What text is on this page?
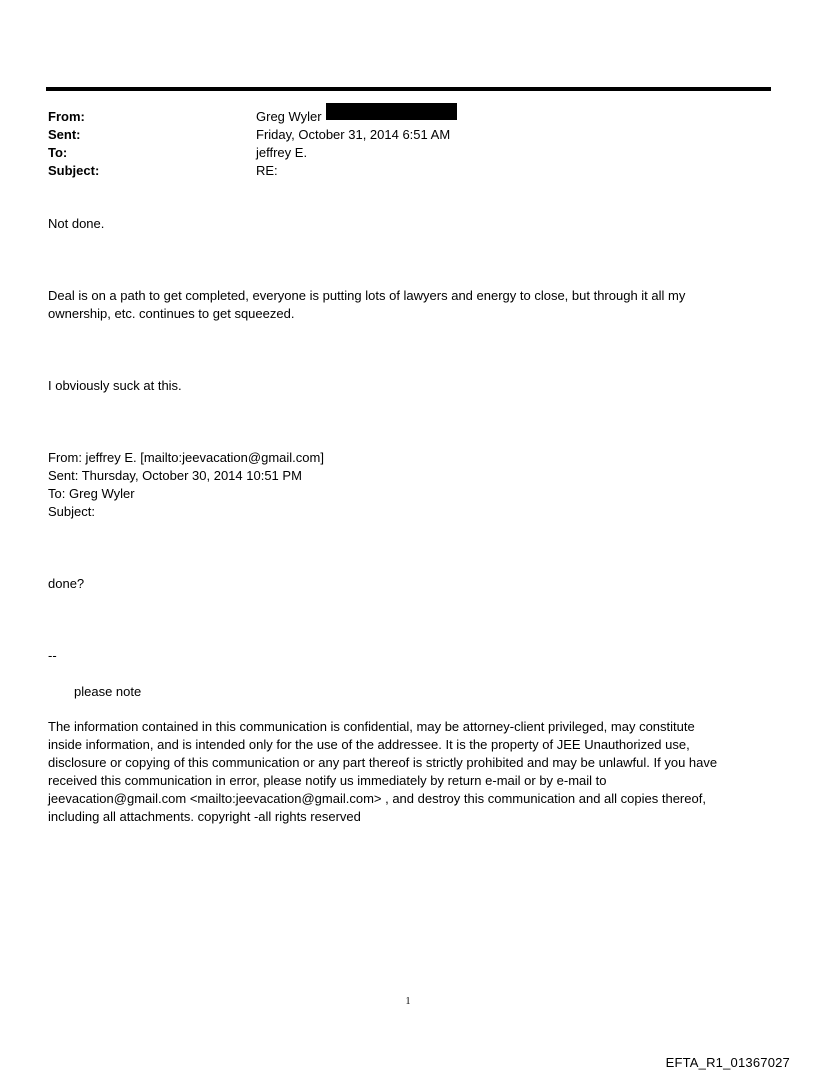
From:	Greg Wyler
Sent:	Friday, October 31, 2014 6:51 AM
To:	jeffrey E.
Subject:	RE:
Not done.
Deal is on a path to get completed, everyone is putting lots of lawyers and energy to close, but through it all my
ownership, etc. continues to get squeezed.
I obviously suck at this.
From: jeffrey E. [mailto:jeevacation@gmail.com]
Sent: Thursday, October 30, 2014 10:51 PM
To: Greg Wyler
Subject:
done?
--
please note
The information contained in this communication is confidential, may be attorney-client privileged, may constitute
inside information, and is intended only for the use of the addressee. It is the property of JEE Unauthorized use,
disclosure or copying of this communication or any part thereof is strictly prohibited and may be unlawful. If you have
received this communication in error, please notify us immediately by return e-mail or by e-mail to
jeevacation@gmail.com <mailto:jeevacation@gmail.com> , and destroy this communication and all copies thereof,
including all attachments. copyright -all rights reserved
1
EFTA_R1_01367027
